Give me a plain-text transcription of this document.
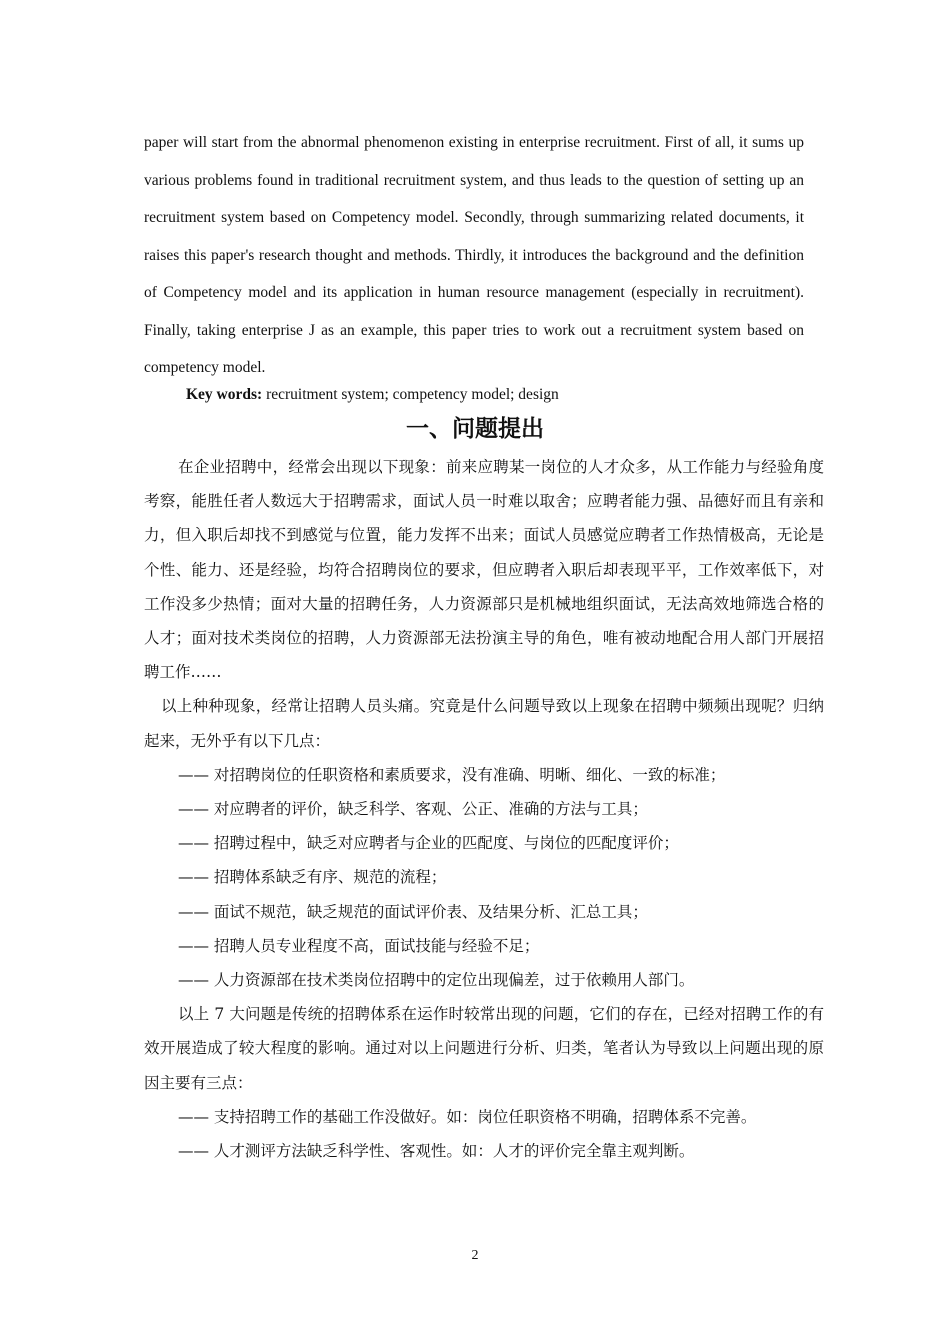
paper will start from the abnormal phenomenon existing in enterprise recruitment. First of all, it sums up various problems found in traditional recruitment system, and thus leads to the question of setting up an recruitment system based on Competency model. Secondly, through summarizing related documents, it raises this paper's research thought and methods. Thirdly, it introduces the background and the definition of Competency model and its application in human resource management (especially in recruitment). Finally, taking enterprise J as an example, this paper tries to work out a recruitment system based on competency model.

Key words: recruitment system; competency model; design
一、问题提出

在企业招聘中，经常会出现以下现象：前来应聘某一岗位的人才众多，从工作能力与经验角度考察，能胜任者人数远大于招聘需求，面试人员一时难以取舍；应聘者能力强、品德好而且有亲和力，但入职后却找不到感觉与位置，能力发挥不出来；面试人员感觉应聘者工作热情极高，无论是个性、能力、还是经验，均符合招聘岗位的要求，但应聘者入职后却表现平平，工作效率低下，对工作没多少热情；面对大量的招聘任务，人力资源部只是机械地组织面试，无法高效地筛选合格的人才；面对技术类岗位的招聘，人力资源部无法扮演主导的角色，唯有被动地配合用人部门开展招聘工作……

以上种种现象，经常让招聘人员头痛。究竟是什么问题导致以上现象在招聘中频频出现呢？归纳起来，无外乎有以下几点：

—— 对招聘岗位的任职资格和素质要求，没有准确、明晰、细化、一致的标准；

—— 对应聘者的评价，缺乏科学、客观、公正、准确的方法与工具；

—— 招聘过程中，缺乏对应聘者与企业的匹配度、与岗位的匹配度评价；

—— 招聘体系缺乏有序、规范的流程；

—— 面试不规范，缺乏规范的面试评价表、及结果分析、汇总工具；

—— 招聘人员专业程度不高，面试技能与经验不足；

—— 人力资源部在技术类岗位招聘中的定位出现偏差，过于依赖用人部门。

以上 7 大问题是传统的招聘体系在运作时较常出现的问题，它们的存在，已经对招聘工作的有效开展造成了较大程度的影响。通过对以上问题进行分析、归类，笔者认为导致以上问题出现的原因主要有三点：

—— 支持招聘工作的基础工作没做好。如：岗位任职资格不明确，招聘体系不完善。

—— 人才测评方法缺乏科学性、客观性。如：人才的评价完全靠主观判断。

2
